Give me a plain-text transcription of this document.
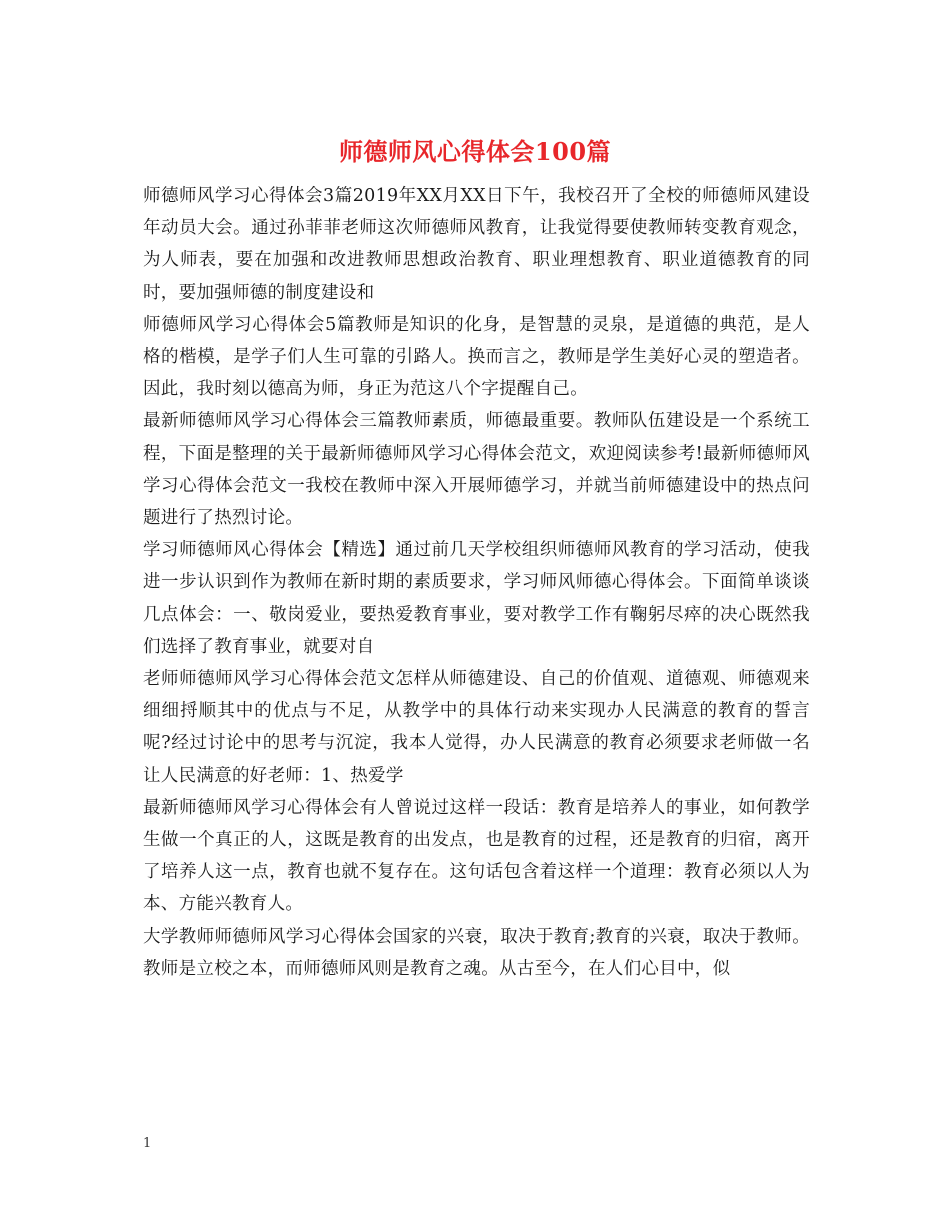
师德师风心得体会100篇

师德师风学习心得体会3篇2019年XX月XX日下午，我校召开了全校的师德师风建设年动员大会。通过孙菲菲老师这次师德师风教育，让我觉得要使教师转变教育观念，为人师表，要在加强和改进教师思想政治教育、职业理想教育、职业道德教育的同时，要加强师德的制度建设和

师德师风学习心得体会5篇教师是知识的化身，是智慧的灵泉，是道德的典范，是人格的楷模，是学子们人生可靠的引路人。换而言之，教师是学生美好心灵的塑造者。因此，我时刻以德高为师，身正为范这八个字提醒自己。

最新师德师风学习心得体会三篇教师素质，师德最重要。教师队伍建设是一个系统工程，下面是整理的关于最新师德师风学习心得体会范文，欢迎阅读参考!最新师德师风学习心得体会范文一我校在教师中深入开展师德学习，并就当前师德建设中的热点问题进行了热烈讨论。

学习师德师风心得体会【精选】通过前几天学校组织师德师风教育的学习活动，使我进一步认识到作为教师在新时期的素质要求，学习师风师德心得体会。下面简单谈谈几点体会：一、敬岗爱业，要热爱教育事业，要对教学工作有鞠躬尽瘁的决心既然我们选择了教育事业，就要对自

老师师德师风学习心得体会范文怎样从师德建设、自己的价值观、道德观、师德观来细细捋顺其中的优点与不足，从教学中的具体行动来实现办人民满意的教育的誓言呢?经过讨论中的思考与沉淀，我本人觉得，办人民满意的教育必须要求老师做一名让人民满意的好老师：1、热爱学

最新师德师风学习心得体会有人曾说过这样一段话：教育是培养人的事业，如何教学生做一个真正的人，这既是教育的出发点，也是教育的过程，还是教育的归宿，离开了培养人这一点，教育也就不复存在。这句话包含着这样一个道理：教育必须以人为本、方能兴教育人。

大学教师师德师风学习心得体会国家的兴衰，取决于教育;教育的兴衰，取决于教师。教师是立校之本，而师德师风则是教育之魂。从古至今，在人们心目中，似

1
